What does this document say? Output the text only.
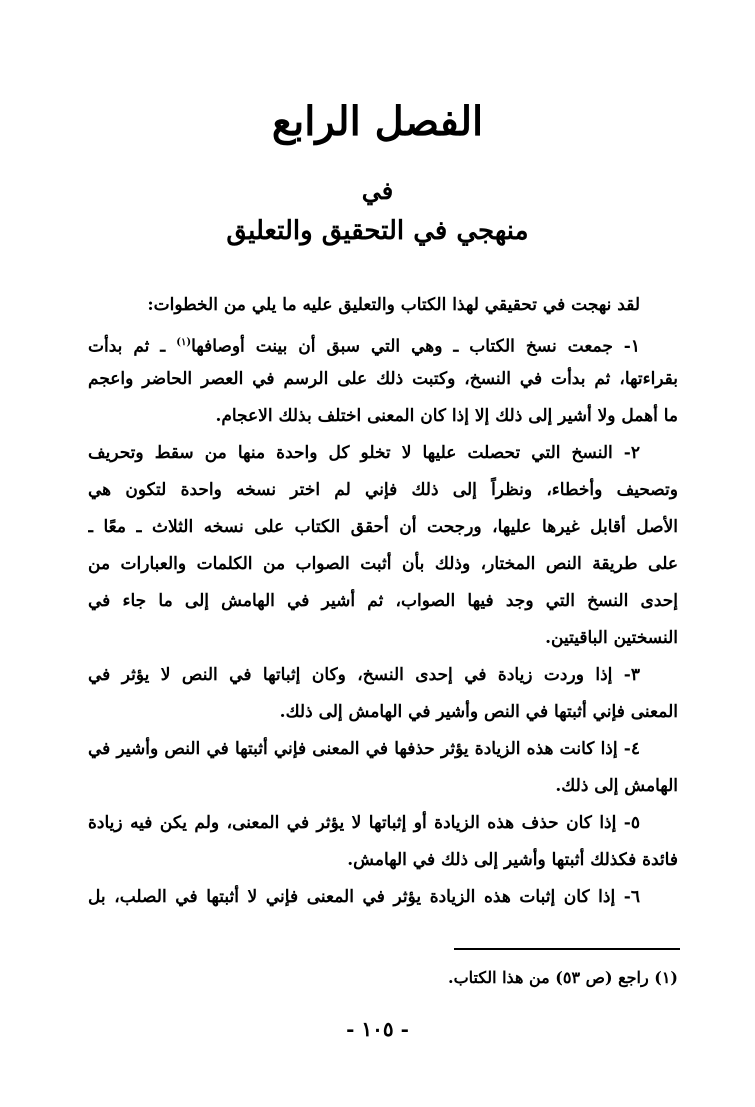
الفصل الرابع
في
منهجي في التحقيق والتعليق
لقد نهجت في تحقيقي لهذا الكتاب والتعليق عليه ما يلي من الخطوات:
١- جمعت نسخ الكتاب ـ وهي التي سبق أن بينت أوصافها$^{(١)}$ ـ ثم بدأت
بقراءتها، ثم بدأت في النسخ، وكتبت ذلك على الرسم في العصر الحاضر واعجم
ما أهمل ولا أشير إلى ذلك إلا إذا كان المعنى اختلف بذلك الاعجام.
٢- النسخ التي تحصلت عليها لا تخلو كل واحدة منها من سقط وتحريف
وتصحيف وأخطاء، ونظراً إلى ذلك فإني لم اختر نسخه واحدة لتكون هي
الأصل أقابل غيرها عليها، ورجحت أن أحقق الكتاب على نسخه الثلاث ـ معًا ـ
على طريقة النص المختار، وذلك بأن أثبت الصواب من الكلمات والعبارات من
إحدى النسخ التي وجد فيها الصواب، ثم أشير في الهامش إلى ما جاء في
النسختين الباقيتين.
٣- إذا وردت زيادة في إحدى النسخ، وكان إثباتها في النص لا يؤثر في
المعنى فإني أثبتها في النص وأشير في الهامش إلى ذلك.
٤- إذا كانت هذه الزيادة يؤثر حذفها في المعنى فإني أثبتها في النص وأشير في
الهامش إلى ذلك.
٥- إذا كان حذف هذه الزيادة أو إثباتها لا يؤثر في المعنى، ولم يكن فيه زيادة
فائدة فكذلك أثبتها وأشير إلى ذلك في الهامش.
٦- إذا كان إثبات هذه الزيادة يؤثر في المعنى فإني لا أثبتها في الصلب، بل
(١) راجع (ص ٥٣) من هذا الكتاب.
- ١٠٥ -
